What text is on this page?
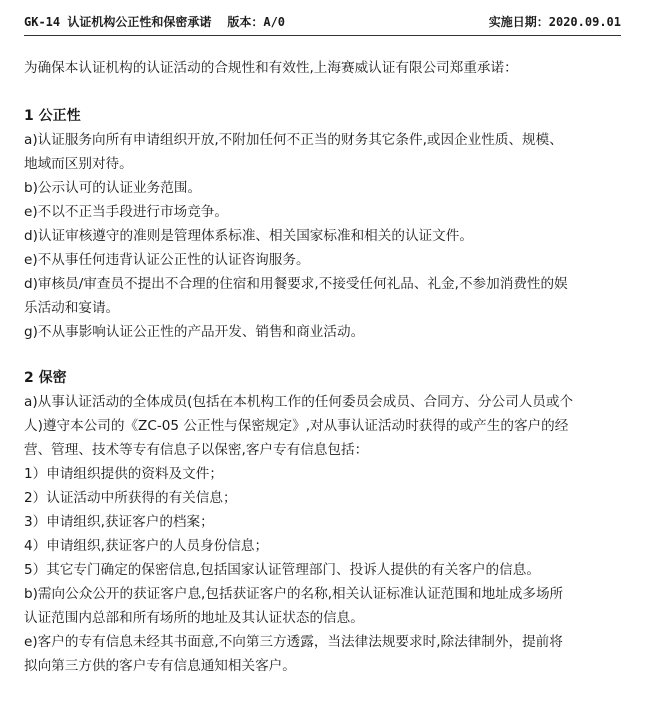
GK-14 认证机构公正性和保密承诺 版本：A/0	实施日期：2020.09.01

为确保本认证机构的认证活动的合规性和有效性,上海赛威认证有限公司郑重承诺：

1 公正性

a)认证服务向所有申请组织开放,不附加任何不正当的财务其它条件,或因企业性质、规模、

地域而区别对待。

b)公示认可的认证业务范围。

e)不以不正当手段进行市场竞争。

d)认证审核遵守的准则是管理体系标准、相关国家标准和相关的认证文件。

e)不从事任何违背认证公正性的认证咨询服务。

d)审核员/审查员不提出不合理的住宿和用餐要求,不接受任何礼品、礼金,不参加消费性的娱

乐活动和宴请。

g)不从事影响认证公正性的产品开发、销售和商业活动。

2 保密

a)从事认证活动的全体成员(包括在本机构工作的任何委员会成员、合同方、分公司人员或个

人)遵守本公司的《ZC-05 公正性与保密规定》,对从事认证活动时获得的或产生的客户的经

营、管理、技术等专有信息子以保密,客户专有信息包括：

1）申请组织提供的资料及文件；

2）认证活动中所获得的有关信息；

3）申请组织,获证客户的档案；

4）申请组织,获证客户的人员身份信息；

5）其它专门确定的保密信息,包括国家认证管理部门、投诉人提供的有关客户的信息。

b)需向公众公开的获证客户息,包括获证客户的名称,相关认证标准认证范围和地址成多场所

认证范围内总部和所有场所的地址及其认证状态的信息。

e)客户的专有信息未经其书面意,不向第三方透露，当法律法规要求时,除法律制外，提前将

拟向第三方供的客户专有信息通知相关客户。
